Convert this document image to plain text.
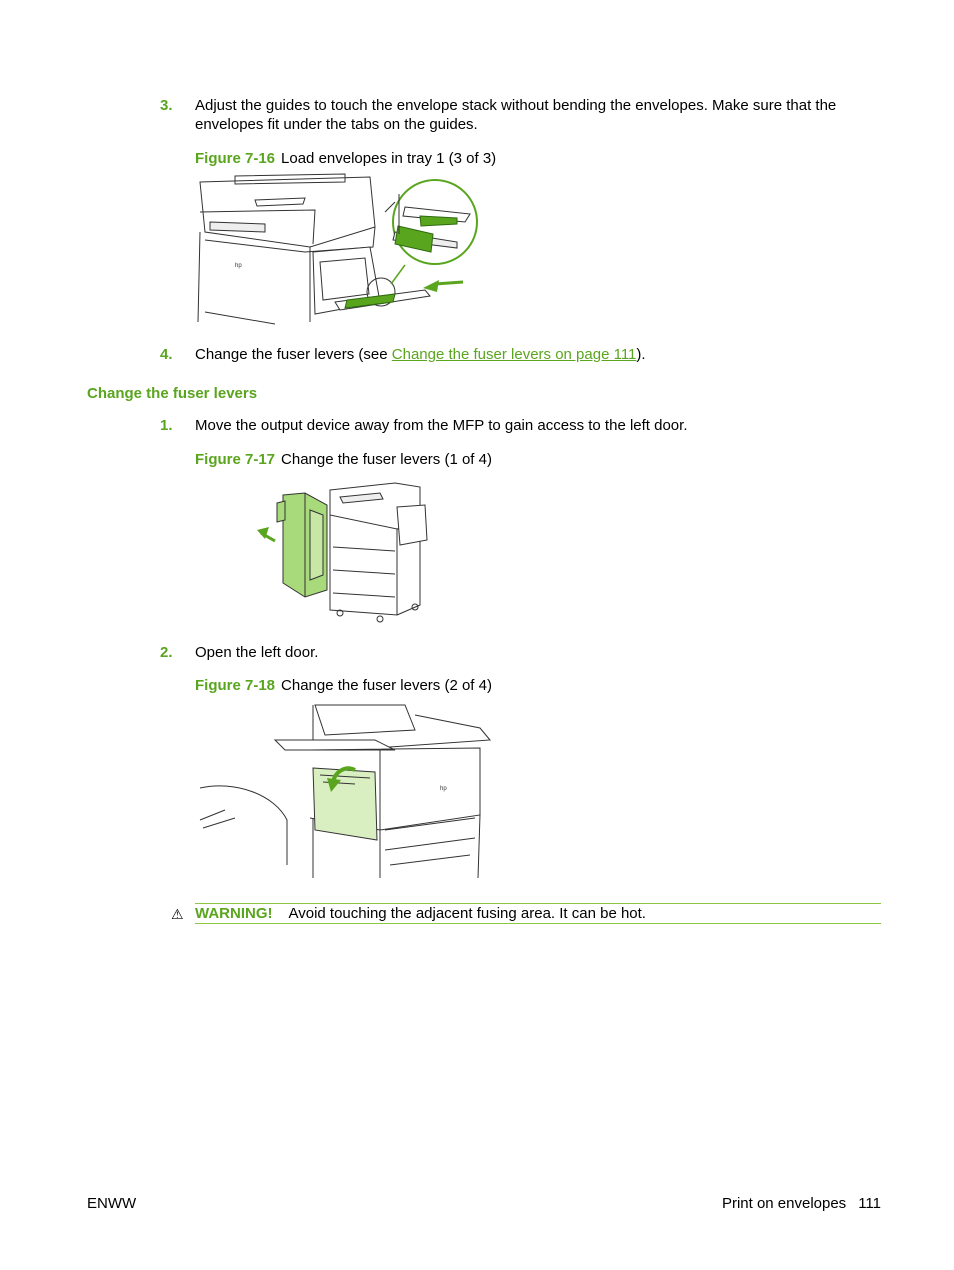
3.	Adjust the guides to touch the envelope stack without bending the envelopes. Make sure that the
envelopes fit under the tabs on the guides.
Figure 7-16 Load envelopes in tray 1 (3 of 3)
hp
4.	Change the fuser levers (see Change the fuser levers on page 111).
Change the fuser levers
1.	Move the output device away from the MFP to gain access to the left door.
Figure 7-17 Change the fuser levers (1 of 4)
2.	Open the left door.
Figure 7-18 Change the fuser levers (2 of 4)
hp
⚠ WARNING! Avoid touching the adjacent fusing area. It can be hot.
ENWW	Print on envelopes 111
